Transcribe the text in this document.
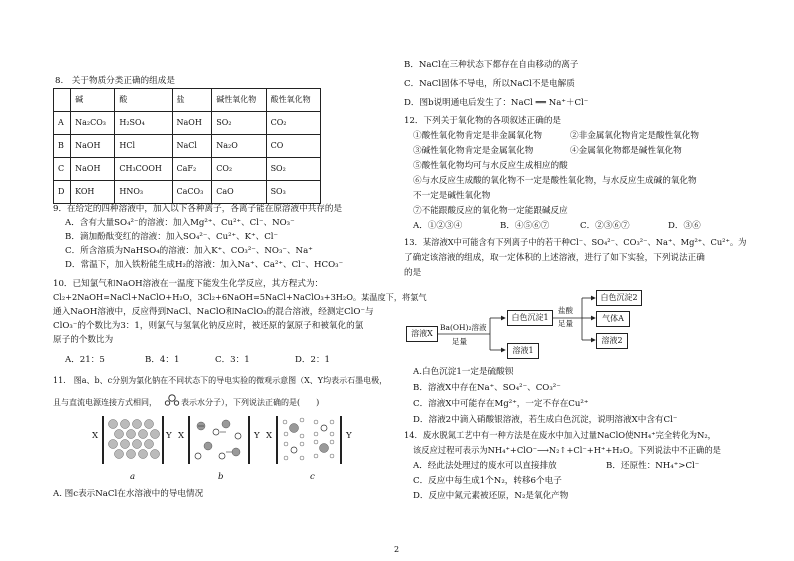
8.　关于物质分类正确的组成是
	碱	酸	盐	碱性氧化物	酸性氧化物
A	Na₂CO₃	H₂SO₄	NaOH	SO₂	CO₂
B	NaOH	HCl	NaCl	Na₂O	CO
C	NaOH	CH₃COOH	CaF₂	CO₂	SO₂
D	KOH	HNO₃	CaCO₃	CaO	SO₃
9．在给定的四种溶液中，加入以下各种离子，各离子能在原溶液中共存的是
A．含有大量SO₄²⁻的溶液：加入Mg²⁺、Cu²⁺、Cl⁻、NO₃⁻
B．滴加酚酞变红的溶液：加入SO₄²⁻、Cu²⁺、K⁺、Cl⁻
C．所含溶质为NaHSO₄的溶液：加入K⁺、CO₃²⁻、NO₃⁻、Na⁺
D．常温下，加入铁粉能生成H₂的溶液：加入Na⁺、Ca²⁺、Cl⁻、HCO₃⁻
10．已知氯气和NaOH溶液在一温度下能发生化学反应，其方程式为：
Cl₂+2NaOH=NaCl+NaClO+H₂O，3Cl₂+6NaOH=5NaCl+NaClO₃+3H₂O。某温度下，将氯气
通入NaOH溶液中，反应得到NaCl、NaClO和NaClO₃的混合溶液，经测定ClO⁻与
ClO₃⁻的个数比为3：1，则氯气与氢氧化钠反应时，被还原的氯原子和被氧化的氯
原子的个数比为
A．21：5	B．4：1	C．3：1	D．2：1
11.　图a、b、c分别为氯化钠在不同状态下的导电实验的微观示意图（X、Y均表示石墨电极，
且与直流电源连接方式相同，	表示水分子），下列说法正确的是(　　)
X	Y
a
X	Y
b
X	Y
c
A. 图c表示NaCl在水溶液中的导电情况
B．NaCl在三种状态下都存在自由移动的离子
C．NaCl固体不导电，所以NaCl不是电解质
D．图b说明通电后发生了：NaCl ══ Na⁺＋Cl⁻
12．下列关于氧化物的各项叙述正确的是
①酸性氧化物肯定是非金属氧化物	②非金属氧化物肯定是酸性氧化物
③碱性氧化物肯定是金属氧化物	④金属氧化物都是碱性氧化物
⑤酸性氧化物均可与水反应生成相应的酸
⑥与水反应生成酸的氧化物不一定是酸性氧化物，与水反应生成碱的氧化物
不一定是碱性氧化物
⑦不能跟酸反应的氧化物一定能跟碱反应
A．①②③④	B．④⑤⑥⑦	C．②③⑥⑦	D．③⑥
13．某溶液X中可能含有下列离子中的若干种Cl⁻、SO₄²⁻、CO₃²⁻、Na⁺、Mg²⁺、Cu²⁺。为
了确定该溶液的组成，取一定体积的上述溶液，进行了如下实验，下列说法正确
的是
溶液X
Ba(OH)₂溶液
足量
白色沉淀1
溶液1
盐酸
足量
白色沉淀2
气体A
溶液2
A.白色沉淀1一定是硫酸钡
B．溶液X中存在Na⁺、SO₄²⁻、CO₃²⁻
C．溶液X中可能存在Mg²⁺，一定不存在Cu²⁺
D．溶液2中滴入硝酸银溶液，若生成白色沉淀，说明溶液X中含有Cl⁻
14．废水脱氮工艺中有一种方法是在废水中加入过量NaClO使NH₄⁺完全转化为N₂，
该反应过程可表示为NH₄⁺+ClO⁻⟶N₂↑+Cl⁻+H⁺+H₂O。下列说法中不正确的是
A．经此法处理过的废水可以直接排放	B．还原性：NH₄⁺>Cl⁻
C．反应中每生成1个N₂，转移6个电子
D．反应中氮元素被还原，N₂是氧化产物
2
